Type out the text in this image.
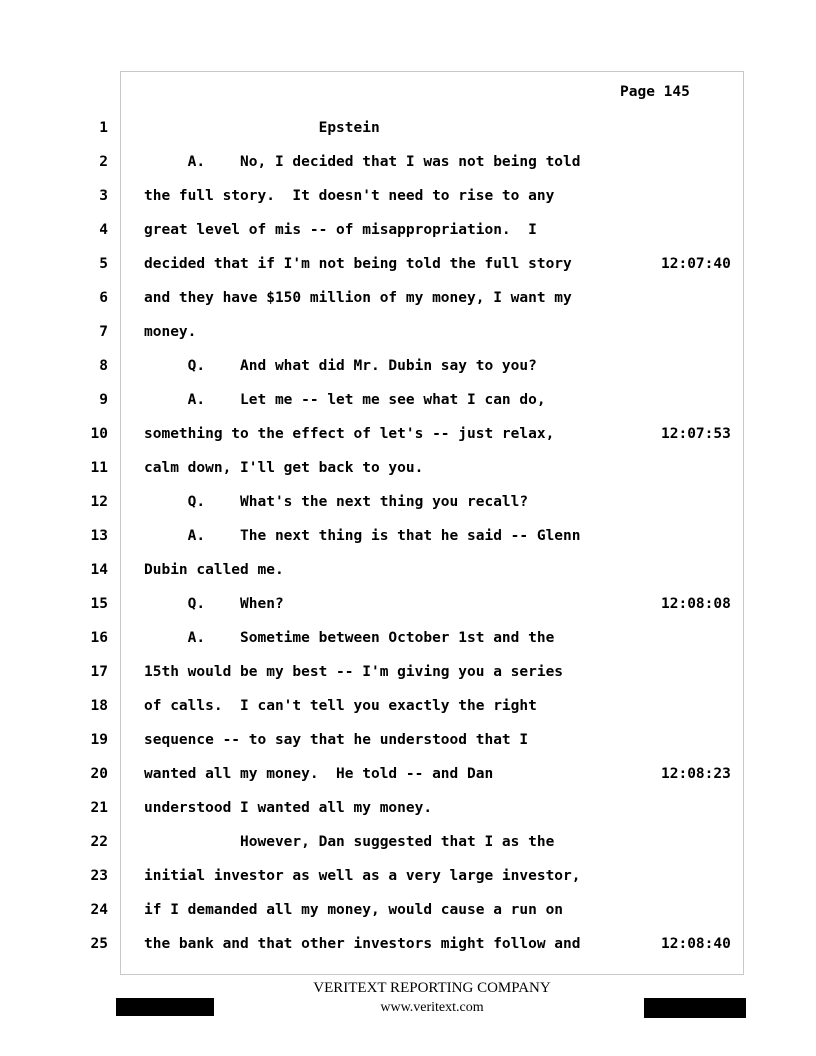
Page 145
1 Epstein
2 A.    No, I decided that I was not being told
3 the full story.  It doesn't need to rise to any
4 great level of mis -- of misappropriation.  I
5 decided that if I'm not being told the full story	12:07:40
6 and they have $150 million of my money, I want my
7 money.
8 Q.    And what did Mr. Dubin say to you?
9 A.    Let me -- let me see what I can do,
10 something to the effect of let's -- just relax,	12:07:53
11 calm down, I'll get back to you.
12 Q.    What's the next thing you recall?
13 A.    The next thing is that he said -- Glenn
14 Dubin called me.
15 Q.    When?	12:08:08
16 A.    Sometime between October 1st and the
17 15th would be my best -- I'm giving you a series
18 of calls.  I can't tell you exactly the right
19 sequence -- to say that he understood that I
20 wanted all my money.  He told -- and Dan	12:08:23
21 understood I wanted all my money.
22 However, Dan suggested that I as the
23 initial investor as well as a very large investor,
24 if I demanded all my money, would cause a run on
25 the bank and that other investors might follow and	12:08:40
VERITEXT REPORTING COMPANY
www.veritext.com
